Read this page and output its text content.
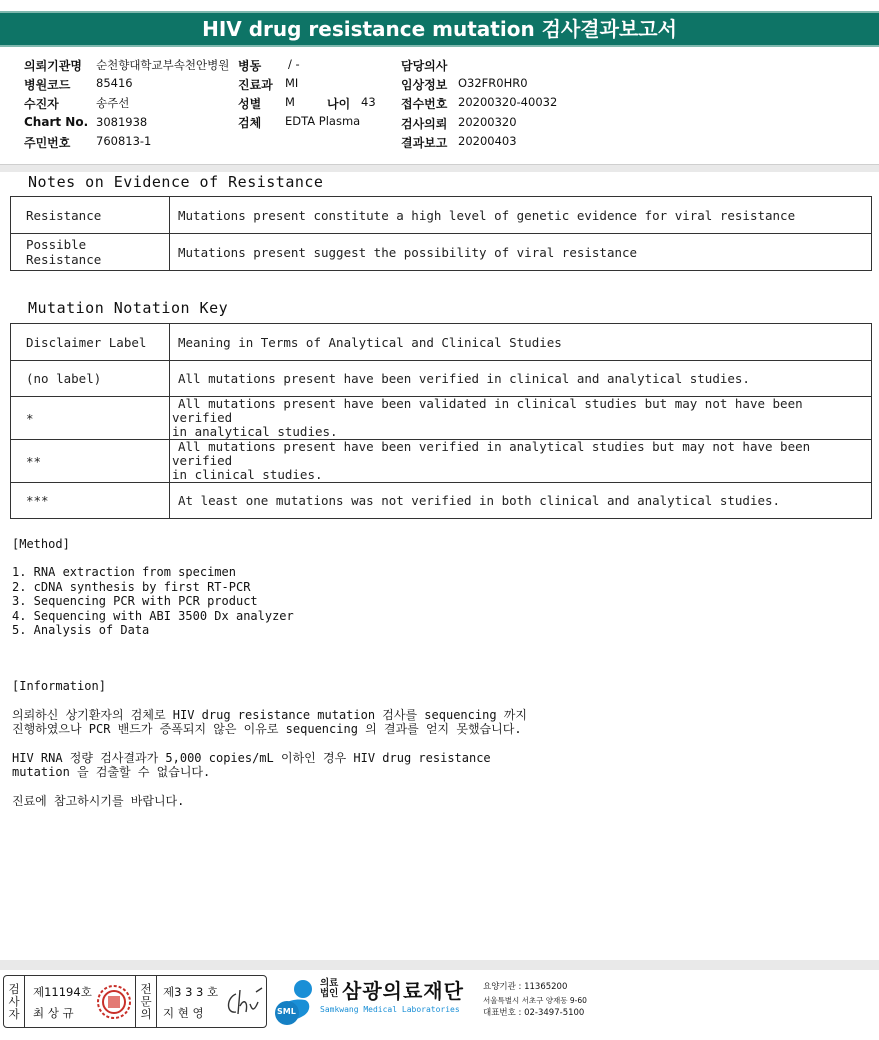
HIV drug resistance mutation 검사결과보고서
의뢰기관명 순천향대학교부속천안병원
병원코드 85416
수진자	송주선
Chart No. 3081938
주민번호 760813-1
병동 / -
진료과 MI
성별 M	나이 43
검체 EDTA Plasma
담당의사
임상정보 O32FR0HR0
접수번호 20200320-40032
검사의뢰 20200320
결과보고 20200403
Notes on Evidence of Resistance
Resistance	Mutations present constitute a high level of genetic evidence for viral resistance
Possible Resistance	Mutations present suggest the possibility of viral resistance
Mutation Notation Key
Disclaimer Label	Meaning in Terms of Analytical and Clinical Studies
(no label)	All mutations present have been verified in clinical and analytical studies.
*	All mutations present have been validated in clinical studies but may not have been verified
in analytical studies.
**	All mutations present have been verified in analytical studies but may not have been verified
in clinical studies.
***	At least one mutations was not verified in both clinical and analytical studies.
[Method]
1. RNA extraction from specimen
2. cDNA synthesis by first RT-PCR
3. Sequencing PCR with PCR product
4. Sequencing with ABI 3500 Dx analyzer
5. Analysis of Data
[Information]
의뢰하신 상기환자의 검체로 HIV drug resistance mutation 검사를 sequencing 까지
진행하였으나 PCR 밴드가 증폭되지 않은 이유로 sequencing 의 결과를 얻지 못했습니다.
HIV RNA 정량 검사결과가 5,000 copies/mL 이하인 경우 HIV drug resistance
mutation 을 검출할 수 없습니다.
진료에 참고하시기를 바랍니다.
검사자 제11194호
최 상 규	전문의 제3 3 3 호
지 현 영	SML
의료
법인 삼광의료재단
Samkwang Medical Laboratories
요양기관 : 11365200
서울특별시 서초구 양재동 9-60
대표번호 : 02-3497-5100
